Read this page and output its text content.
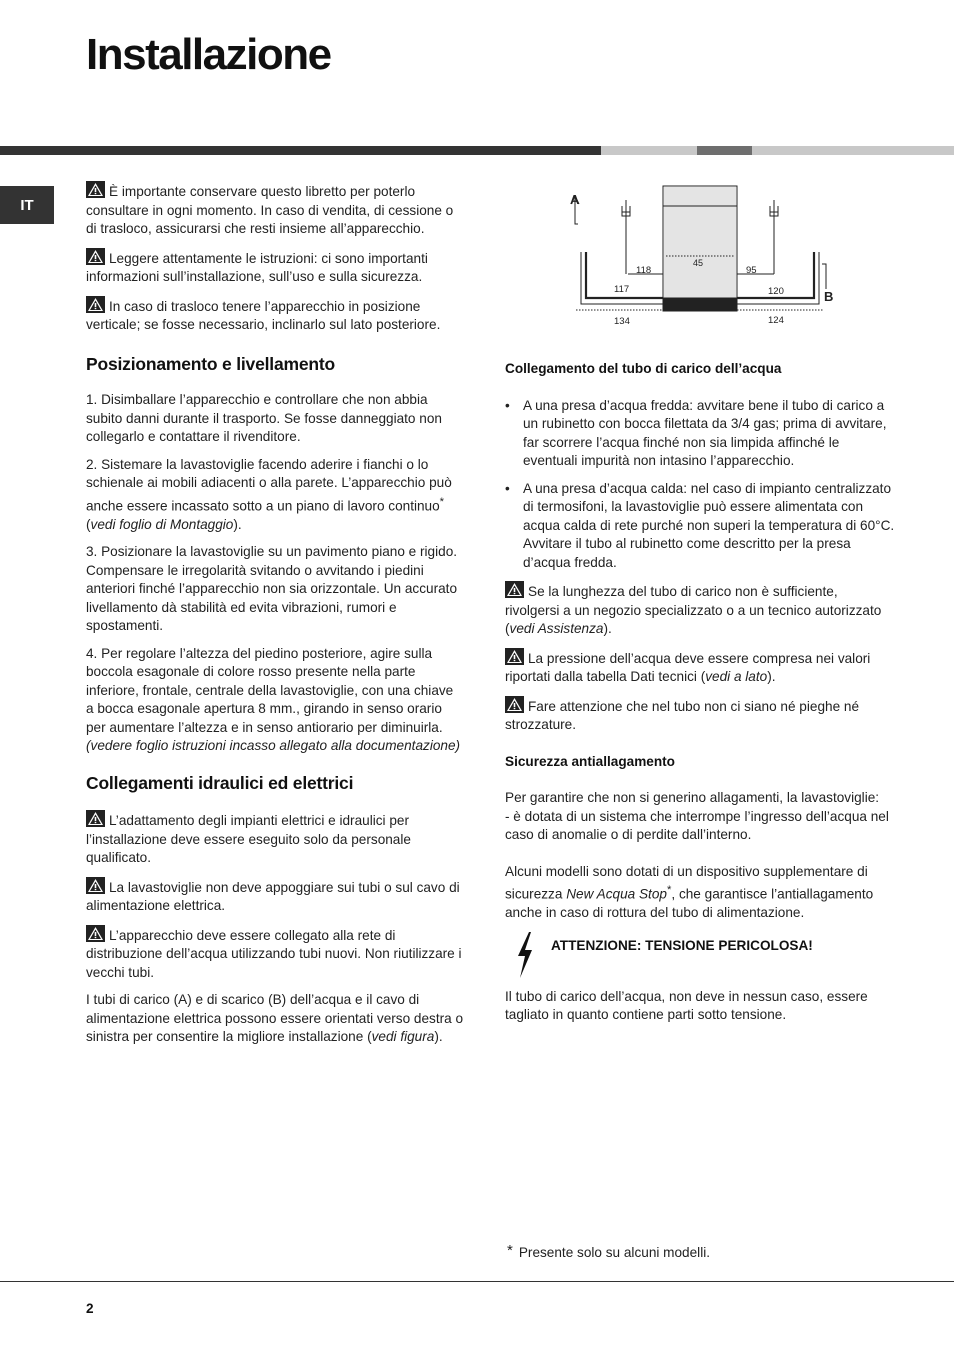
Installazione
IT

È importante conservare questo libretto per poterlo consultare in ogni momento. In caso di vendita, di cessione o di trasloco, assicurarsi che resti insieme all’apparecchio.

Leggere attentamente le istruzioni: ci sono importanti informazioni sull’installazione, sull’uso e sulla sicurezza.

In caso di trasloco tenere l’apparecchio in posizione verticale; se fosse necessario, inclinarlo sul lato posteriore.

Posizionamento e livellamento

1. Disimballare l’apparecchio e controllare che non abbia subito danni durante il trasporto. Se fosse danneggiato non collegarlo e contattare il rivenditore.

2. Sistemare la lavastoviglie facendo aderire i fianchi o lo schienale ai mobili adiacenti o alla parete. L’apparecchio può anche essere incassato sotto a un piano di lavoro continuo* (vedi foglio di Montaggio).

3. Posizionare la lavastoviglie su un pavimento piano e rigido. Compensare le irregolarità svitando o avvitando i piedini anteriori finché l’apparecchio non sia orizzontale. Un accurato livellamento dà stabilità ed evita vibrazioni, rumori e spostamenti.

4. Per regolare l’altezza del piedino posteriore, agire sulla boccola esagonale di colore rosso presente nella parte inferiore, frontale, centrale della lavastoviglie, con una chiave a bocca esagonale apertura 8 mm., girando in senso orario per aumentare l’altezza e in senso antiorario per diminuirla. (vedere foglio istruzioni incasso allegato alla documentazione)

Collegamenti idraulici ed elettrici

L’adattamento degli impianti elettrici e idraulici per l’installazione deve essere eseguito solo da personale qualificato.

La lavastoviglie non deve appoggiare sui tubi o sul cavo di alimentazione elettrica.

L’apparecchio deve essere collegato alla rete di distribuzione dell’acqua utilizzando tubi nuovi. Non riutilizzare i vecchi tubi.

I tubi di carico (A) e di scarico (B) dell’acqua e il cavo di alimentazione elettrica possono essere orientati verso destra o sinistra per consentire la migliore installazione (vedi figura).

A
B
45
118	95
117	120
134	124
Collegamento del tubo di carico dell’acqua
• A una presa d’acqua fredda: avvitare bene il tubo di carico a un rubinetto con bocca filettata da 3/4 gas; prima di avvitare, far scorrere l’acqua finché non sia limpida affinché le eventuali impurità non intasino l’apparecchio.
• A una presa d’acqua calda: nel caso di impianto centralizzato di termosifoni, la lavastoviglie può essere alimentata con acqua calda di rete purché non superi la temperatura di 60°C.
Avvitare il tubo al rubinetto come descritto per la presa d’acqua fredda.

Se la lunghezza del tubo di carico non è sufficiente, rivolgersi a un negozio specializzato o a un tecnico autorizzato (vedi Assistenza).

La pressione dell’acqua deve essere compresa nei valori riportati dalla tabella Dati tecnici (vedi a lato).

Fare attenzione che nel tubo non ci siano né pieghe né strozzature.

Sicurezza antiallagamento

Per garantire che non si generino allagamenti, la lavastoviglie:
- è dotata di un sistema che interrompe l’ingresso dell’acqua nel caso di anomalie o di perdite dall’interno.

Alcuni modelli sono dotati di un dispositivo supplementare di sicurezza New Acqua Stop*, che garantisce l’antiallagamento anche in caso di rottura del tubo di alimentazione.

ATTENZIONE: TENSIONE PERICOLOSA!

Il tubo di carico dell’acqua, non deve in nessun caso, essere tagliato in quanto contiene parti sotto tensione.

* Presente solo su alcuni modelli.
2
